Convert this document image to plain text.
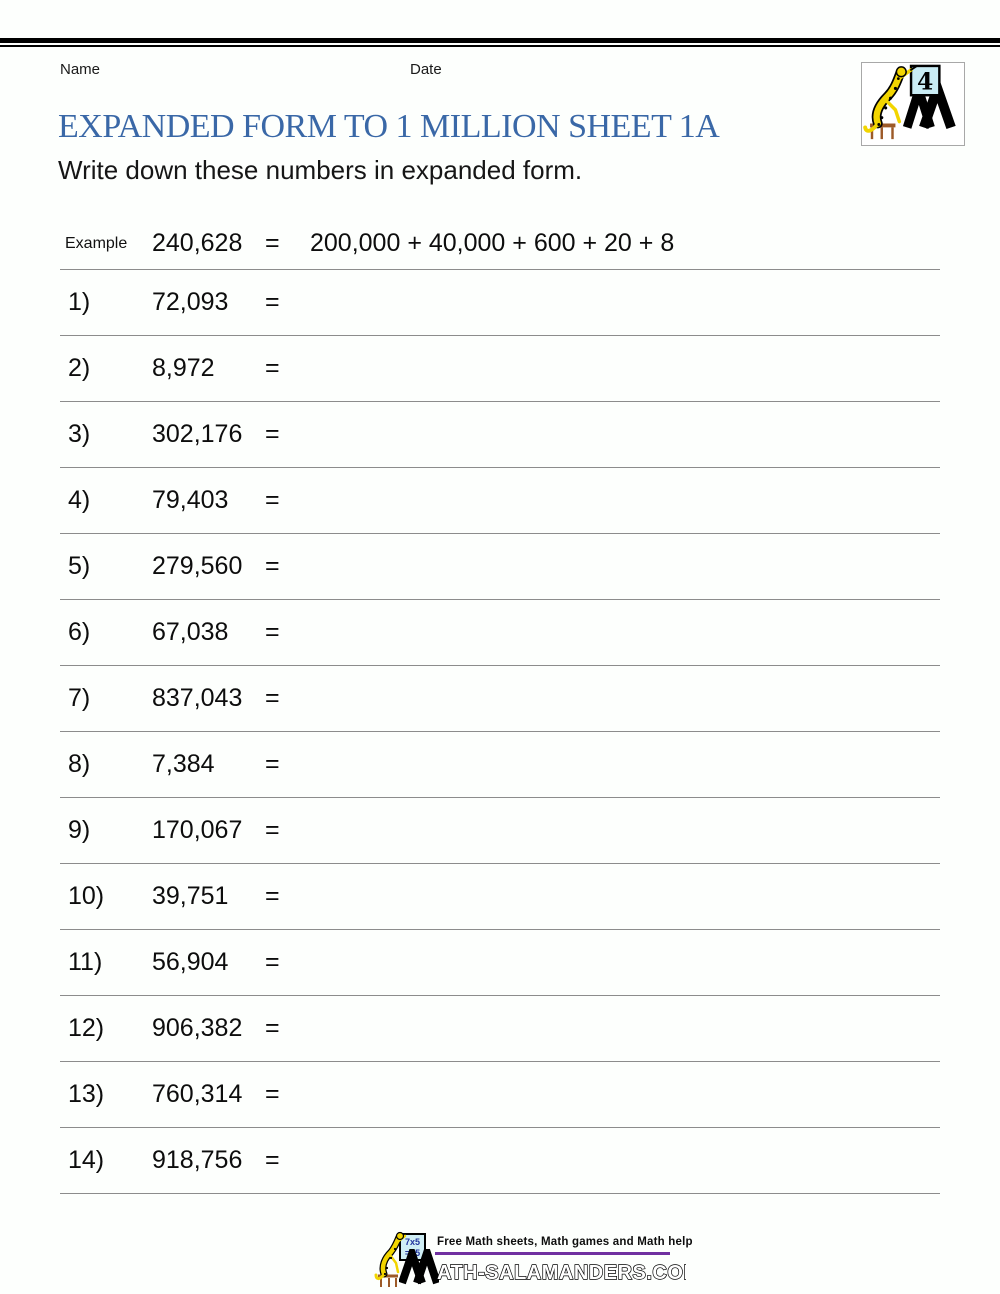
Name	Date	4
EXPANDED FORM TO 1 MILLION SHEET 1A
Write down these numbers in expanded form.
Example 240,628 =	200,000 + 40,000 + 600 + 20 + 8
1)	72,093	=
2)	8,972	=
3)	302,176 =
4)	79,403	=
5)	279,560 =
6)	67,038	=
7)	837,043 =
8)	7,384	=
9)	170,067 =
10)	39,751	=
11)	56,904	=
12)	906,382 =
13)	760,314 =
14)	918,756 =
7x5
=35
Free Math sheets, Math games and Math help
ATH-SALAMANDERS.COM
